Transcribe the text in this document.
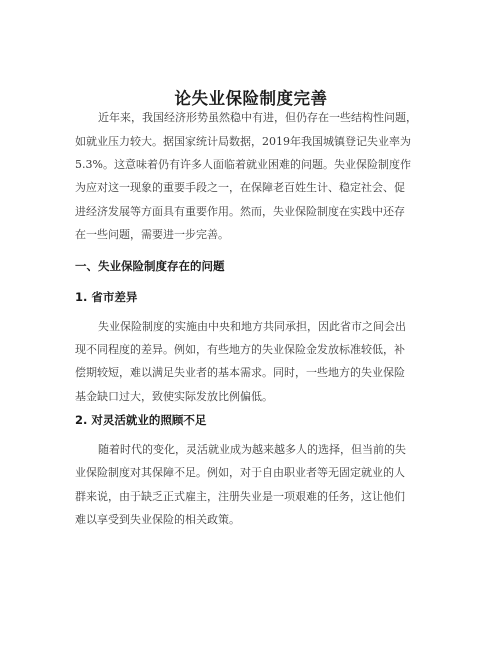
论失业保险制度完善
近年来，我国经济形势虽然稳中有进，但仍存在一些结构性问题，
如就业压力较大。据国家统计局数据，2019年我国城镇登记失业率为
5.3%。这意味着仍有许多人面临着就业困难的问题。失业保险制度作
为应对这一现象的重要手段之一，在保障老百姓生计、稳定社会、促
进经济发展等方面具有重要作用。然而，失业保险制度在实践中还存
在一些问题，需要进一步完善。
一、失业保险制度存在的问题
1. 省市差异
失业保险制度的实施由中央和地方共同承担，因此省市之间会出
现不同程度的差异。例如，有些地方的失业保险金发放标准较低，补
偿期较短，难以满足失业者的基本需求。同时，一些地方的失业保险
基金缺口过大，致使实际发放比例偏低。
2. 对灵活就业的照顾不足
随着时代的变化，灵活就业成为越来越多人的选择，但当前的失
业保险制度对其保障不足。例如，对于自由职业者等无固定就业的人
群来说，由于缺乏正式雇主，注册失业是一项艰难的任务，这让他们
难以享受到失业保险的相关政策。
